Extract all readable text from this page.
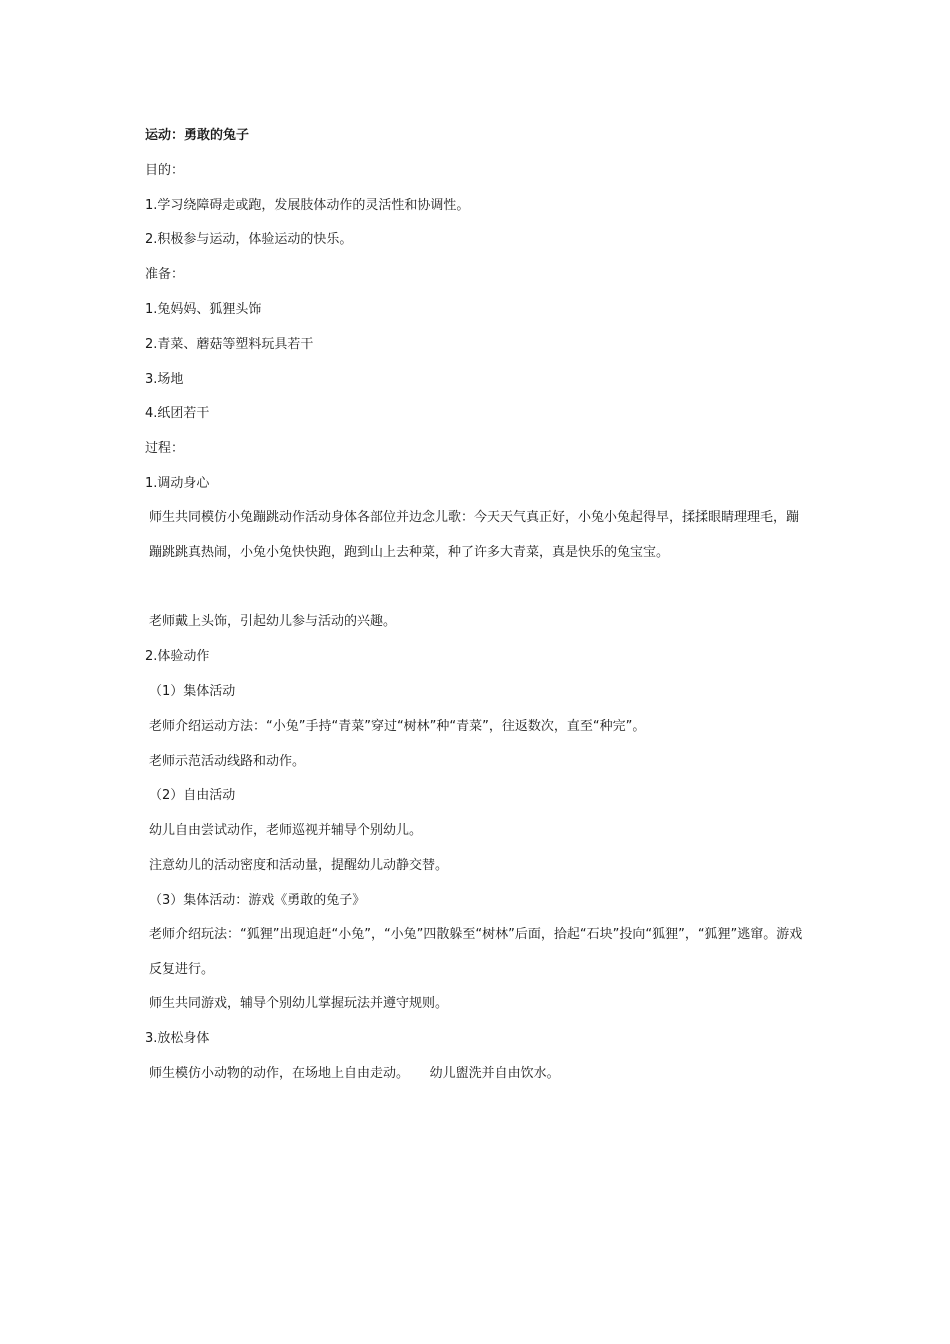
运动：勇敢的兔子
目的：
1.学习绕障碍走或跑，发展肢体动作的灵活性和协调性。
2.积极参与运动，体验运动的快乐。
准备：
1.兔妈妈、狐狸头饰
2.青菜、蘑菇等塑料玩具若干
3.场地
4.纸团若干
过程：
1.调动身心
师生共同模仿小兔蹦跳动作活动身体各部位并边念儿歌：今天天气真正好，小兔小兔起得早，揉揉眼睛理理毛，蹦蹦跳跳真热闹，小兔小兔快快跑，跑到山上去种菜，种了许多大青菜，真是快乐的兔宝宝。
老师戴上头饰，引起幼儿参与活动的兴趣。
2.体验动作
（1）集体活动
老师介绍运动方法：“小兔”手持“青菜”穿过“树林”种“青菜”，往返数次，直至“种完”。
老师示范活动线路和动作。
（2）自由活动
幼儿自由尝试动作，老师巡视并辅导个别幼儿。
注意幼儿的活动密度和活动量，提醒幼儿动静交替。
（3）集体活动：游戏《勇敢的兔子》
老师介绍玩法：“狐狸”出现追赶“小兔”，“小兔”四散躲至“树林”后面，拾起“石块”投向“狐狸”，“狐狸”逃窜。游戏反复进行。
师生共同游戏，辅导个别幼儿掌握玩法并遵守规则。
3.放松身体
师生模仿小动物的动作，在场地上自由走动。     幼儿盥洗并自由饮水。
